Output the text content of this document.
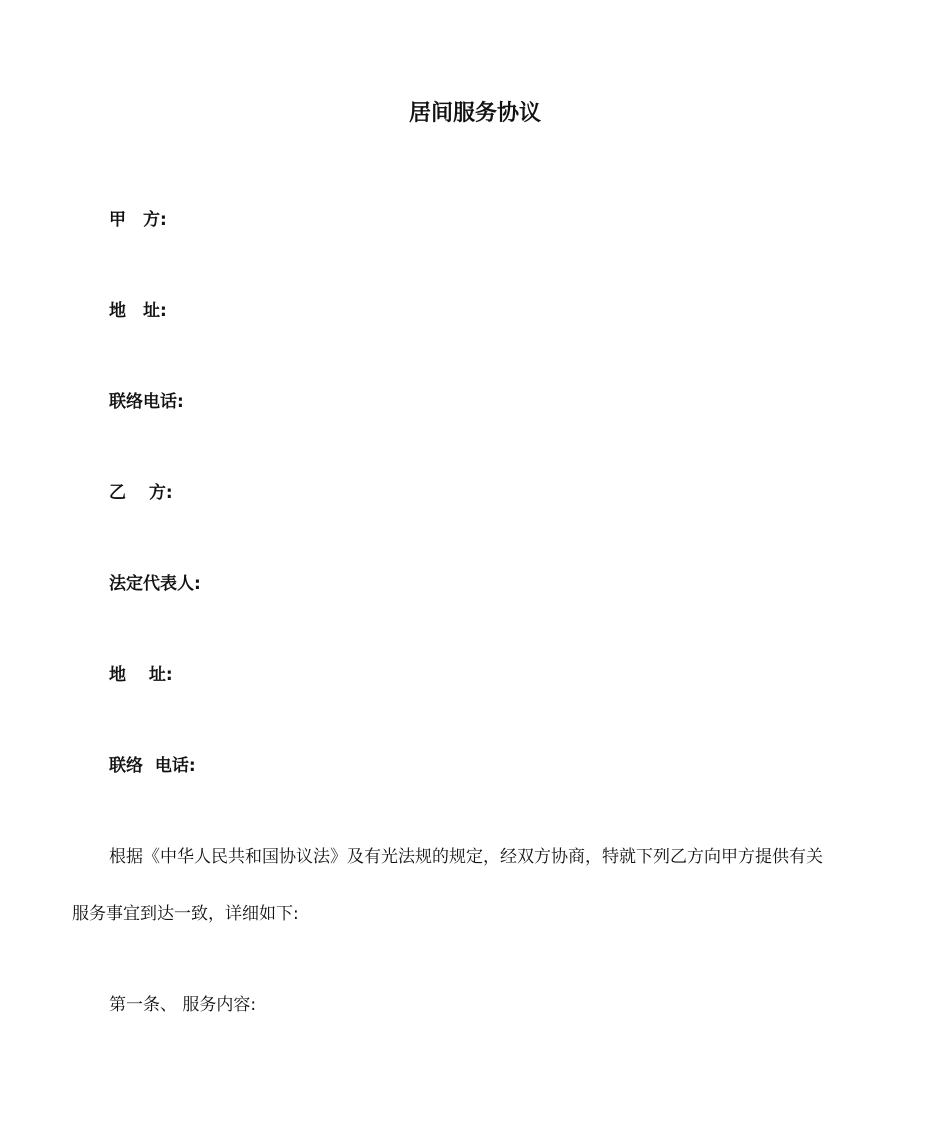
居间服务协议
甲　方:
地　址:
联络电话:
乙　 方:
法定代表人:
地　 址:
联络  电话:
根据《中华人民共和国协议法》及有光法规的规定，经双方协商，特就下列乙方向甲方提供有关
服务事宜到达一致，详细如下:
第一条、 服务内容:
